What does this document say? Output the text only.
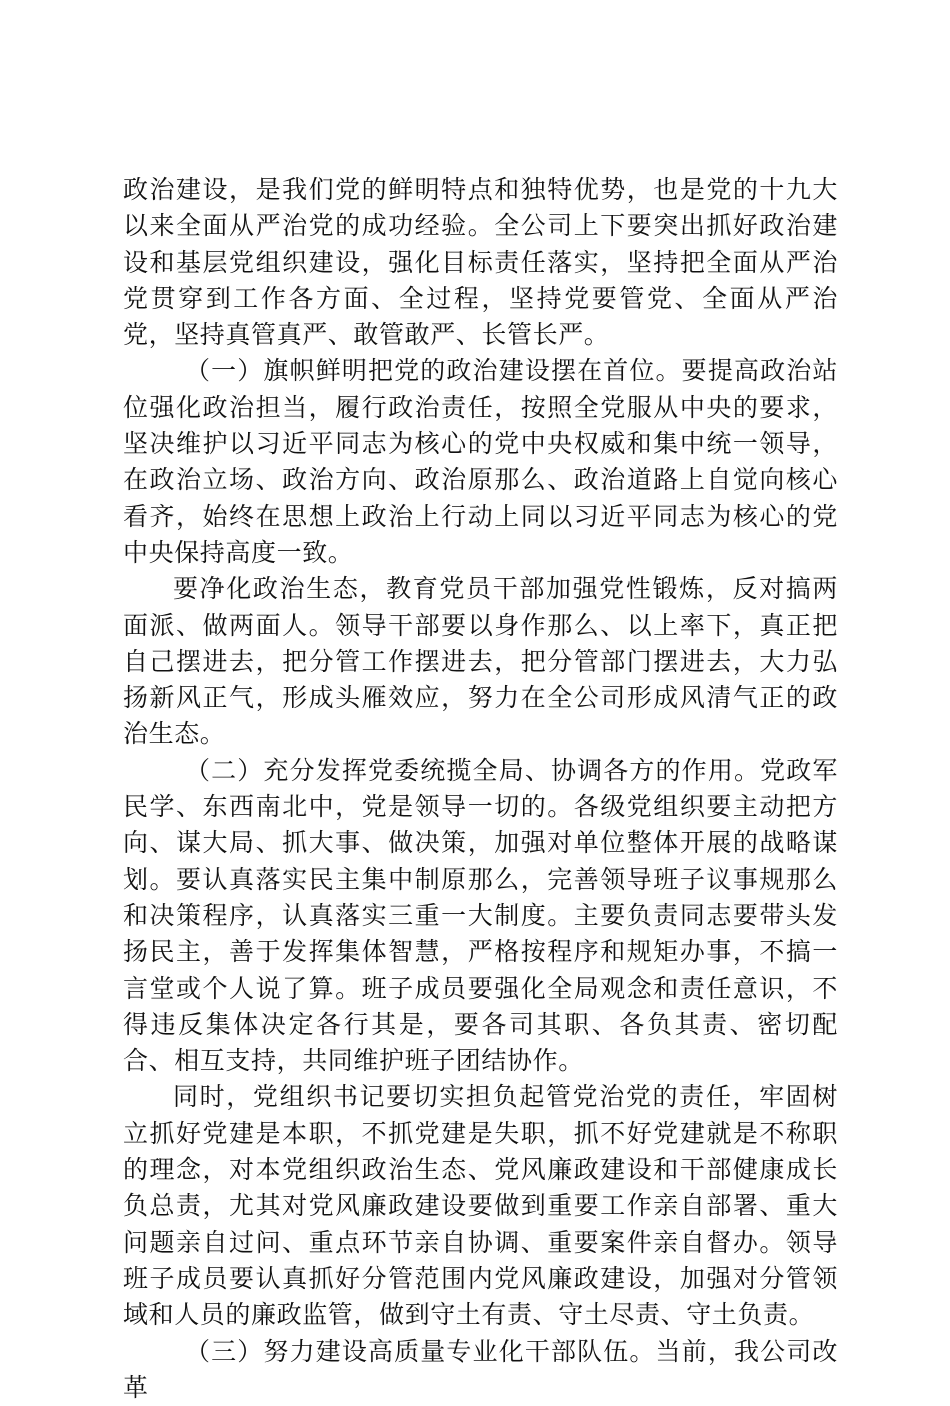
政治建设，是我们党的鲜明特点和独特优势，也是党的十九大以来全面从严治党的成功经验。全公司上下要突出抓好政治建设和基层党组织建设，强化目标责任落实，坚持把全面从严治党贯穿到工作各方面、全过程，坚持党要管党、全面从严治党，坚持真管真严、敢管敢严、长管长严。

（一）旗帜鲜明把党的政治建设摆在首位。要提高政治站位强化政治担当，履行政治责任，按照全党服从中央的要求，坚决维护以习近平同志为核心的党中央权威和集中统一领导，在政治立场、政治方向、政治原那么、政治道路上自觉向核心看齐，始终在思想上政治上行动上同以习近平同志为核心的党中央保持高度一致。

要净化政治生态，教育党员干部加强党性锻炼，反对搞两面派、做两面人。领导干部要以身作那么、以上率下，真正把自己摆进去，把分管工作摆进去，把分管部门摆进去，大力弘扬新风正气，形成头雁效应，努力在全公司形成风清气正的政治生态。

（二）充分发挥党委统揽全局、协调各方的作用。党政军民学、东西南北中，党是领导一切的。各级党组织要主动把方向、谋大局、抓大事、做决策，加强对单位整体开展的战略谋划。要认真落实民主集中制原那么，完善领导班子议事规那么和决策程序，认真落实三重一大制度。主要负责同志要带头发扬民主，善于发挥集体智慧，严格按程序和规矩办事，不搞一言堂或个人说了算。班子成员要强化全局观念和责任意识，不得违反集体决定各行其是，要各司其职、各负其责、密切配合、相互支持，共同维护班子团结协作。

同时，党组织书记要切实担负起管党治党的责任，牢固树立抓好党建是本职，不抓党建是失职，抓不好党建就是不称职的理念，对本党组织政治生态、党风廉政建设和干部健康成长负总责，尤其对党风廉政建设要做到重要工作亲自部署、重大问题亲自过问、重点环节亲自协调、重要案件亲自督办。领导班子成员要认真抓好分管范围内党风廉政建设，加强对分管领域和人员的廉政监管，做到守土有责、守土尽责、守土负责。

（三）努力建设高质量专业化干部队伍。当前，我公司改革
